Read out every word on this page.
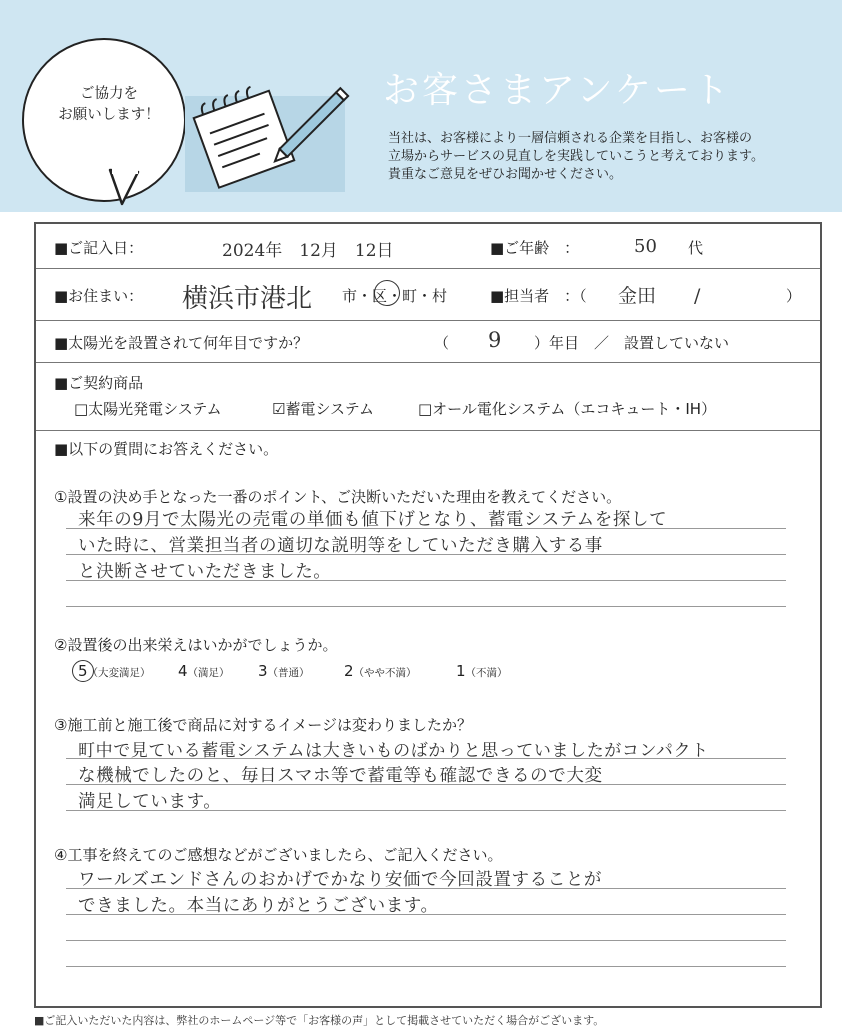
ご協力を
お願いします！
お客さまアンケート
当社は、お客様により一層信頼される企業を目指し、お客様の
立場からサービスの見直しを実践していこうと考えております。
貴重なご意見をぜひお聞かせください。
■ご記入日：	2024年　12月　12日	■ご年齢　：	50 代
■お住まい： 横浜市港北 市・区・町・村	■担当者　：（ 金田　　/	）
■太陽光を設置されて何年目ですか？	（ 9 ）年目　／　設置していない
■ご契約商品
□太陽光発電システム	☑蓄電システム	□オール電化システム（エコキュート・IH）
■以下の質問にお答えください。
①設置の決め手となった一番のポイント、ご決断いただいた理由を教えてください。
来年の9月で太陽光の売電の単価も値下げとなり、蓄電システムを探して
いた時に、営業担当者の適切な説明等をしていただき購入する事
と決断させていただきました。
②設置後の出来栄えはいかがでしょうか。
5（大変満足） 4（満足） 3（普通） 2（やや不満）	1（不満）
③施工前と施工後で商品に対するイメージは変わりましたか？
町中で見ている蓄電システムは大きいものばかりと思っていましたがコンパクト
な機械でしたのと、毎日スマホ等で蓄電等も確認できるので大変
満足しています。
④工事を終えてのご感想などがございましたら、ご記入ください。
ワールズエンドさんのおかげでかなり安価で今回設置することが
できました。本当にありがとうございます。
■ご記入いただいた内容は、弊社のホームページ等で「お客様の声」として掲載させていただく場合がございます。
